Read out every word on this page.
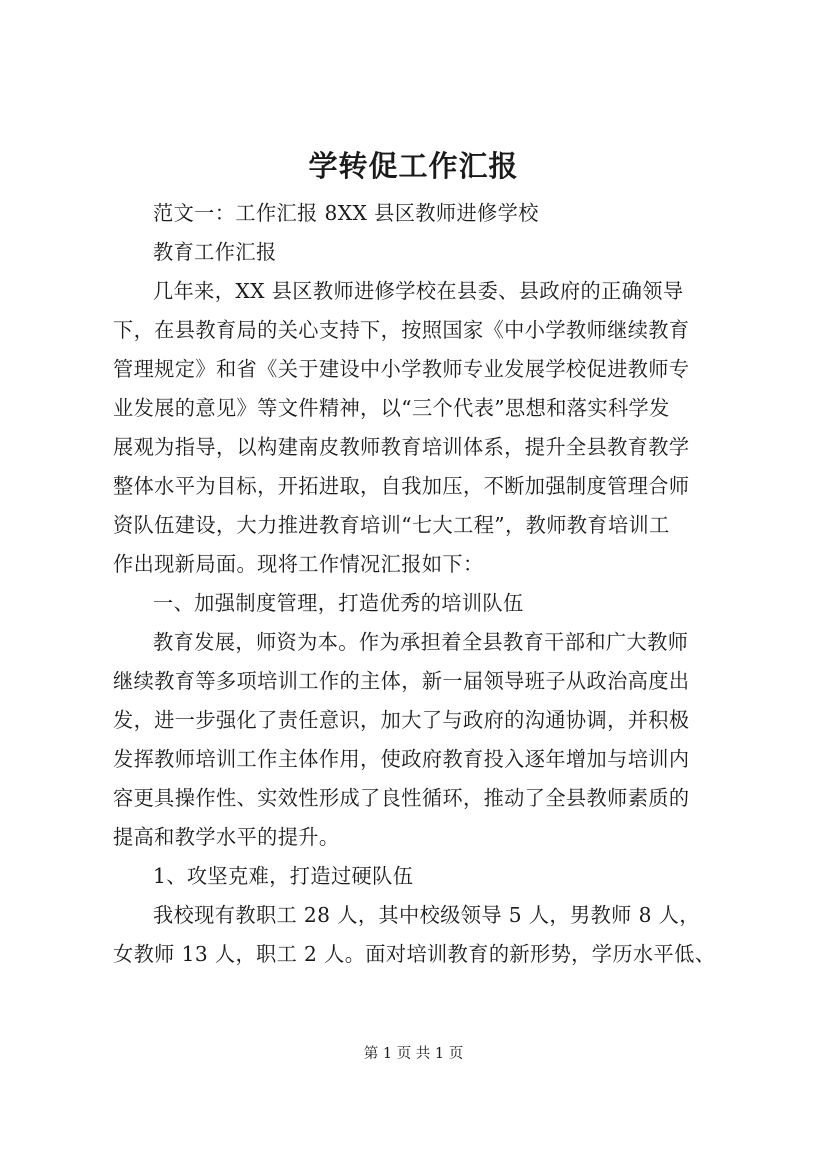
学转促工作汇报

范文一：工作汇报 8XX 县区教师进修学校

教育工作汇报

几年来，XX 县区教师进修学校在县委、县政府的正确领导
下，在县教育局的关心支持下，按照国家《中小学教师继续教育
管理规定》和省《关于建设中小学教师专业发展学校促进教师专
业发展的意见》等文件精神，以“三个代表”思想和落实科学发
展观为指导，以构建南皮教师教育培训体系，提升全县教育教学
整体水平为目标，开拓进取，自我加压，不断加强制度管理合师
资队伍建设，大力推进教育培训“七大工程”，教师教育培训工
作出现新局面。现将工作情况汇报如下：

一、加强制度管理，打造优秀的培训队伍

教育发展，师资为本。作为承担着全县教育干部和广大教师
继续教育等多项培训工作的主体，新一届领导班子从政治高度出
发，进一步强化了责任意识，加大了与政府的沟通协调，并积极
发挥教师培训工作主体作用，使政府教育投入逐年增加与培训内
容更具操作性、实效性形成了良性循环，推动了全县教师素质的
提高和教学水平的提升。

1、攻坚克难，打造过硬队伍

我校现有教职工 28 人，其中校级领导 5 人，男教师 8 人，
女教师 13 人，职工 2 人。面对培训教育的新形势，学历水平低、

第 1 页 共 1 页
